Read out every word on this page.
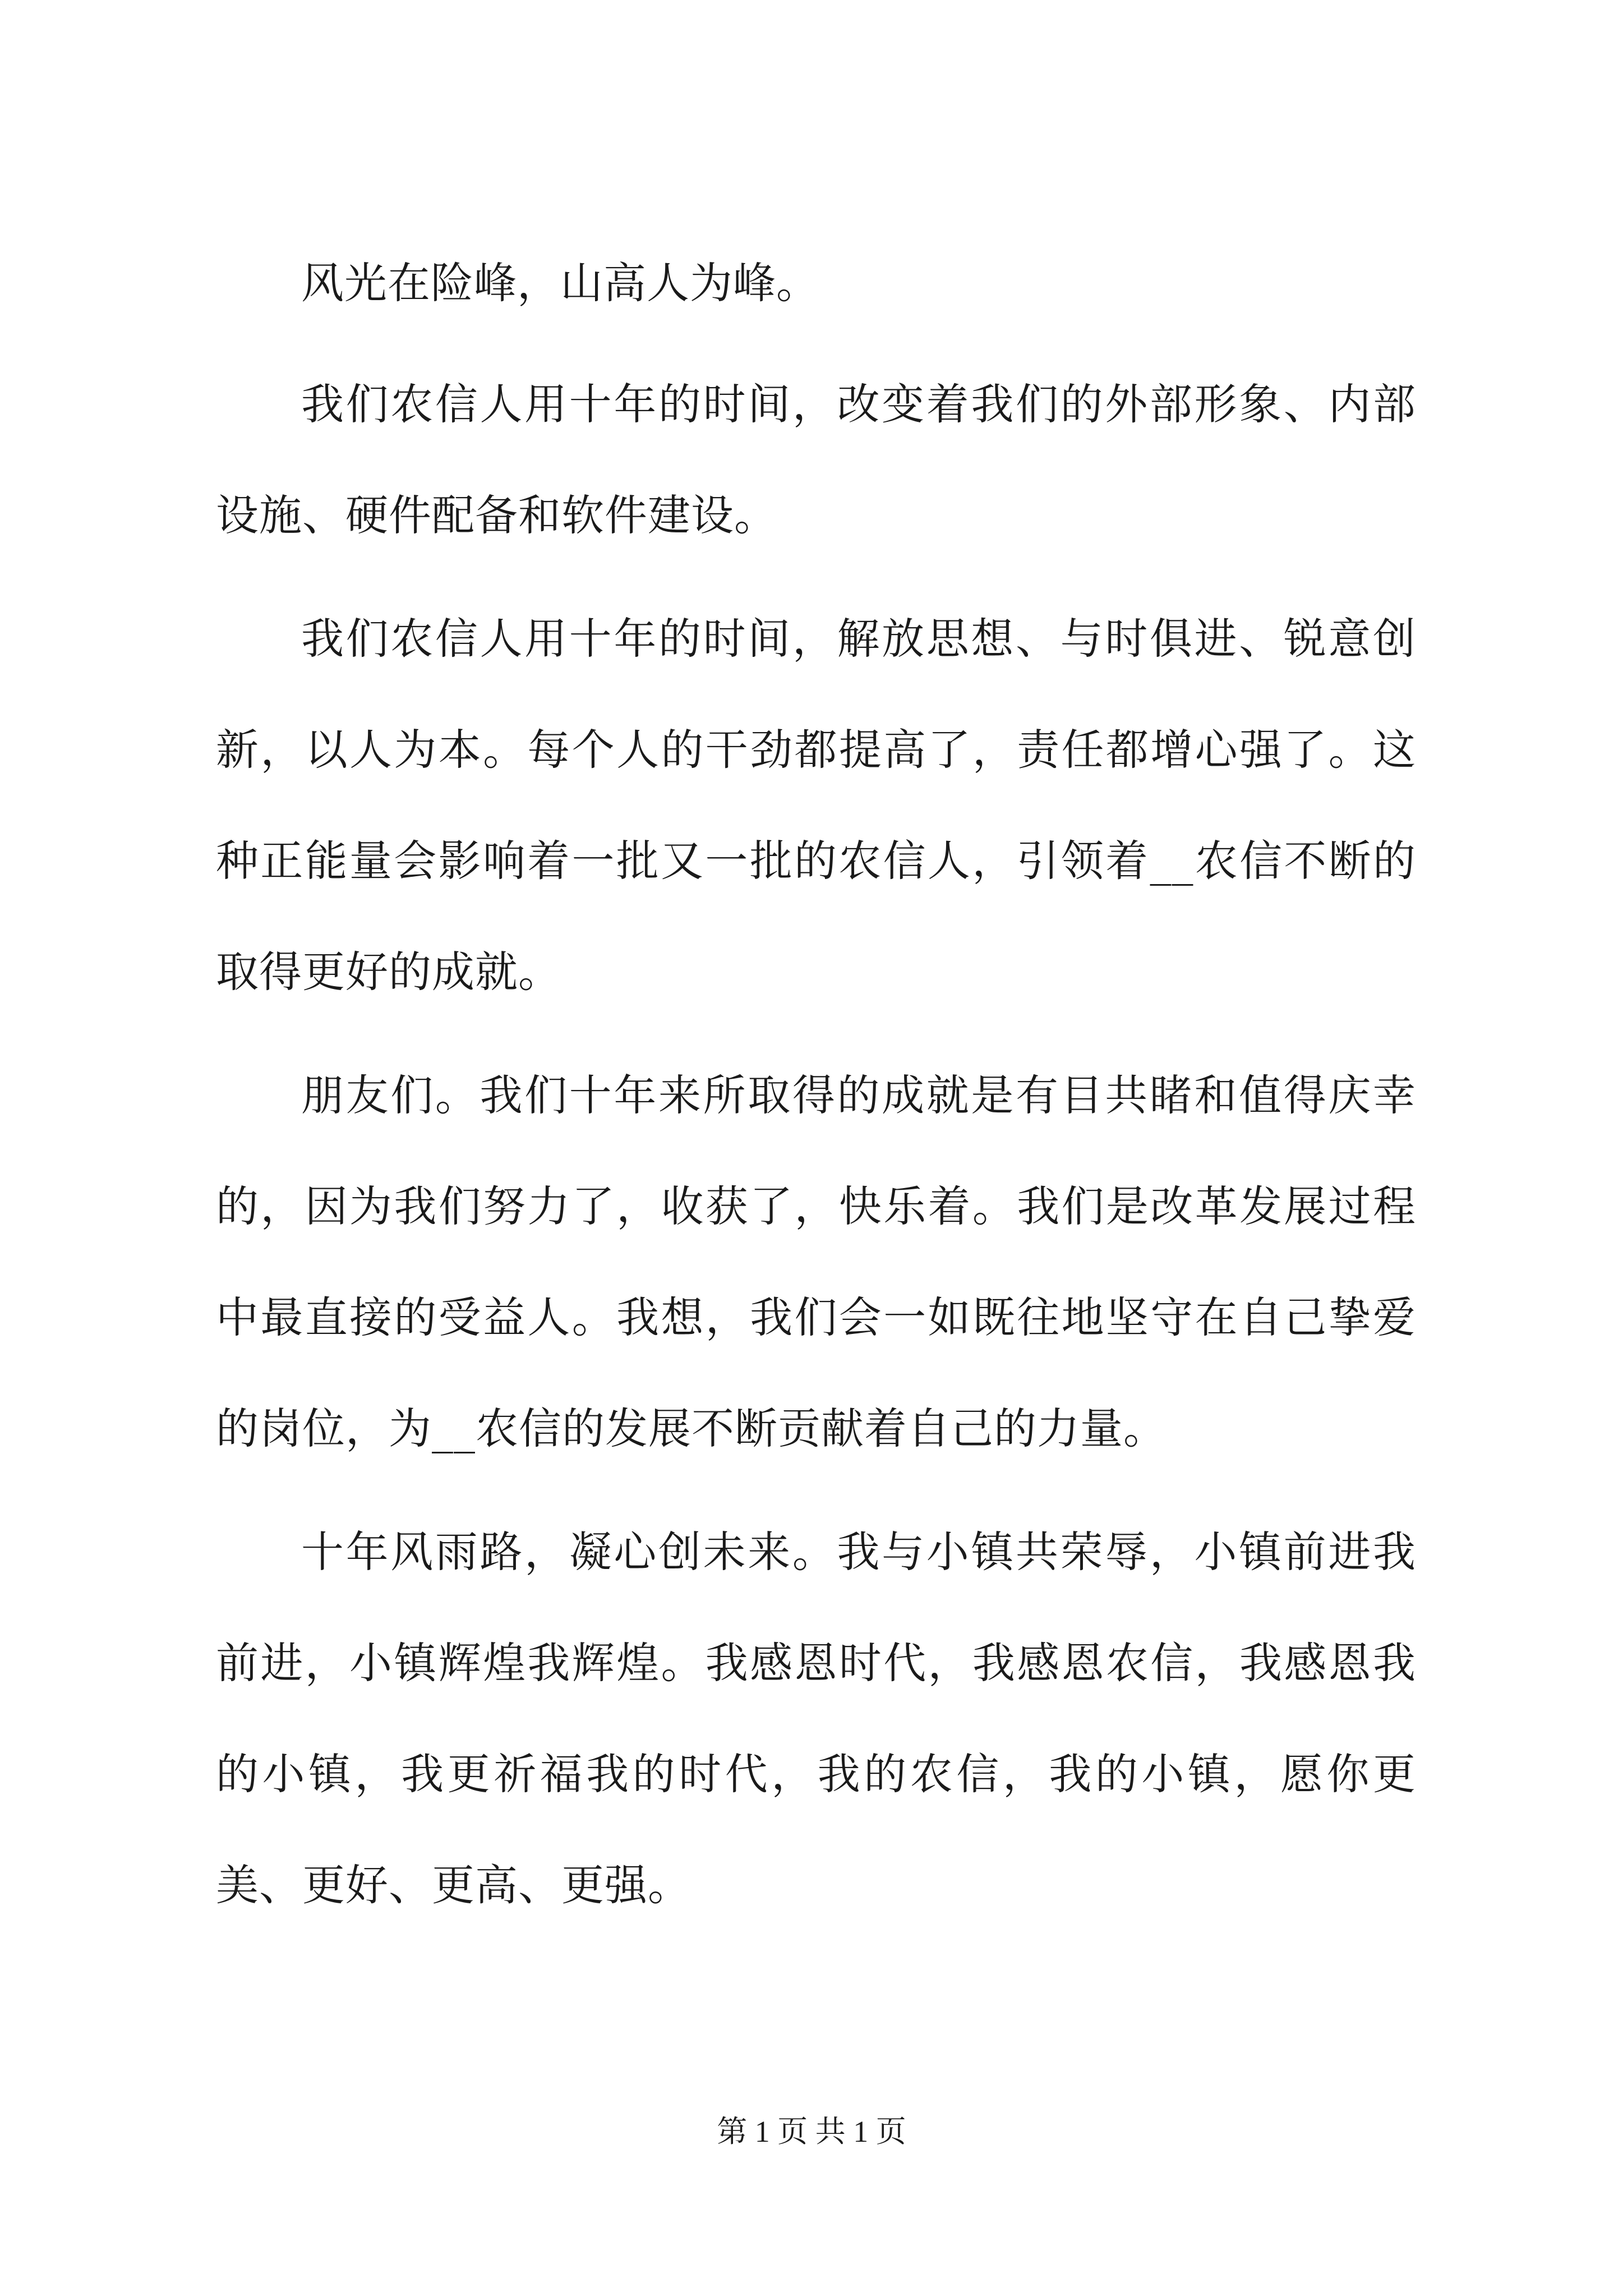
风光在险峰，山高人为峰。

我们农信人用十年的时间，改变着我们的外部形象、内部设施、硬件配备和软件建设。

我们农信人用十年的时间，解放思想、与时俱进、锐意创新，以人为本。每个人的干劲都提高了，责任都增心强了。这种正能量会影响着一批又一批的农信人，引领着__农信不断的取得更好的成就。

朋友们。我们十年来所取得的成就是有目共睹和值得庆幸的，因为我们努力了，收获了，快乐着。我们是改革发展过程中最直接的受益人。我想，我们会一如既往地坚守在自己挚爱的岗位，为__农信的发展不断贡献着自己的力量。

十年风雨路，凝心创未来。我与小镇共荣辱，小镇前进我前进，小镇辉煌我辉煌。我感恩时代，我感恩农信，我感恩我的小镇，我更祈福我的时代，我的农信，我的小镇，愿你更美、更好、更高、更强。

第 1 页 共 1 页
